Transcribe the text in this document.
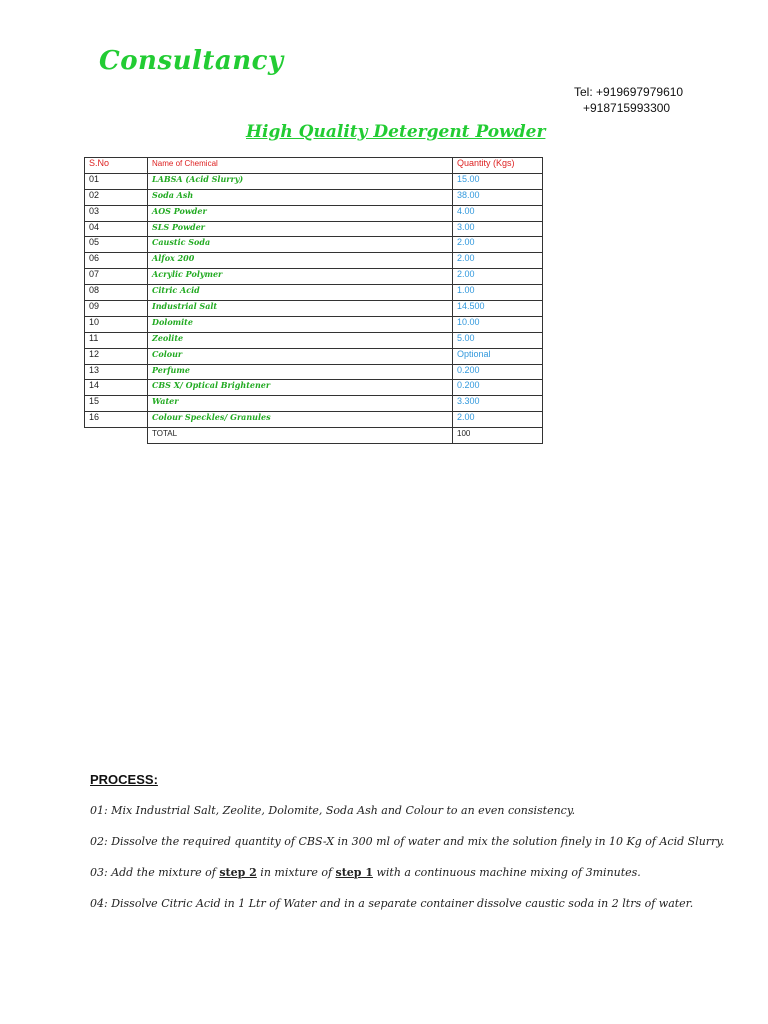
Consultancy
Tel: +919697979610
+918715993300
High Quality Detergent Powder
S.No	Name of Chemical	Quantity (Kgs)
01	LABSA (Acid Slurry)	15.00
02	Soda Ash	38.00
03	AOS Powder	4.00
04	SLS Powder	3.00
05	Caustic Soda	2.00
06	Alfox 200	2.00
07	Acrylic Polymer	2.00
08	Citric Acid	1.00
09	Industrial Salt	14.500
10	Dolomite	10.00
11	Zeolite	5.00
12	Colour	Optional
13	Perfume	0.200
14	CBS X/ Optical Brightener	0.200
15	Water	3.300
16	Colour Speckles/ Granules	2.00
	TOTAL	100
PROCESS:
01: Mix Industrial Salt, Zeolite, Dolomite, Soda Ash and Colour to an even consistency.
02: Dissolve the required quantity of CBS-X in 300 ml of water and mix the solution finely in 10 Kg of Acid Slurry.
03: Add the mixture of step 2 in mixture of step 1 with a continuous machine mixing of 3minutes.
04: Dissolve Citric Acid in 1 Ltr of Water and in a separate container dissolve caustic soda in 2 ltrs of water.
